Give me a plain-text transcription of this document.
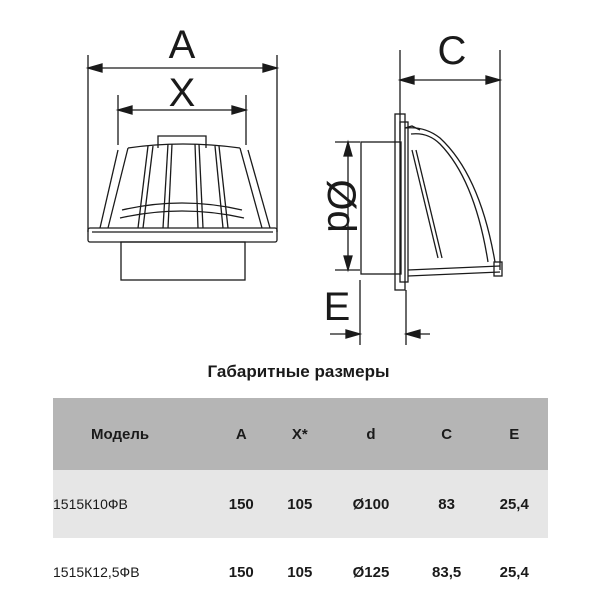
A
X
C
Ød
E
Габаритные размеры
Модель	A	X*	d	C	E
1515К10ФВ	150	105	Ø100	83	25,4
1515К12,5ФВ	150	105	Ø125	83,5	25,4
